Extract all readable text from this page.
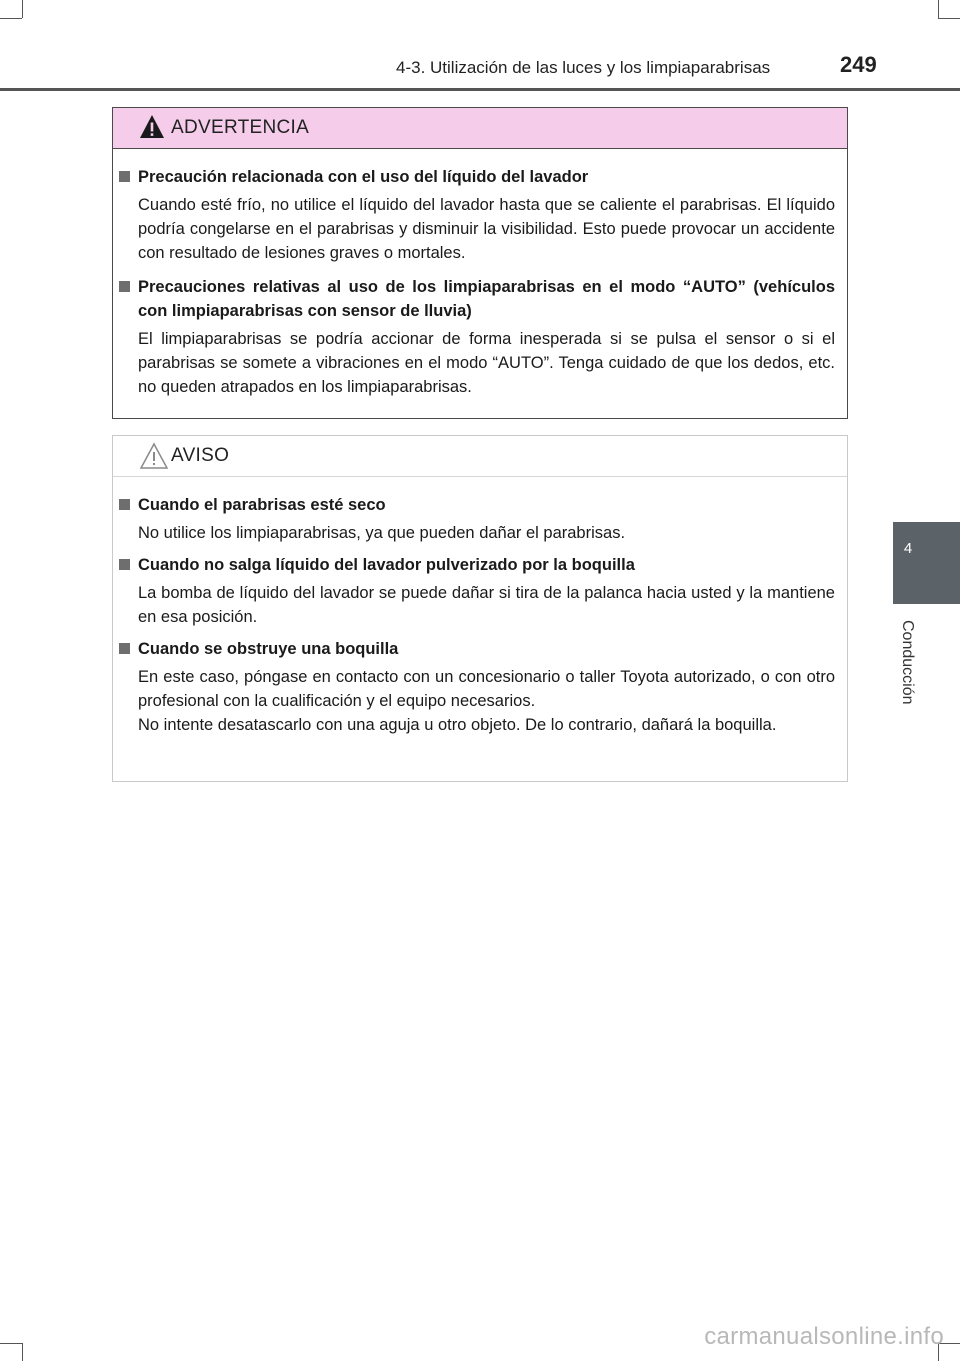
4-3. Utilización de las luces y los limpiaparabrisas	249
4
Conducción
ADVERTENCIA
Precaución relacionada con el uso del líquido del lavador
Cuando esté frío, no utilice el líquido del lavador hasta que se caliente el parabrisas. El líquido podría congelarse en el parabrisas y disminuir la visibilidad. Esto puede provocar un accidente con resultado de lesiones graves o mortales.
Precauciones relativas al uso de los limpiaparabrisas en el modo “AUTO” (vehículos con limpiaparabrisas con sensor de lluvia)
El limpiaparabrisas se podría accionar de forma inesperada si se pulsa el sensor o si el parabrisas se somete a vibraciones en el modo “AUTO”. Tenga cuidado de que los dedos, etc. no queden atrapados en los limpiaparabrisas.
AVISO
Cuando el parabrisas esté seco
No utilice los limpiaparabrisas, ya que pueden dañar el parabrisas.
Cuando no salga líquido del lavador pulverizado por la boquilla
La bomba de líquido del lavador se puede dañar si tira de la palanca hacia usted y la mantiene en esa posición.
Cuando se obstruye una boquilla
En este caso, póngase en contacto con un concesionario o taller Toyota autorizado, o con otro profesional con la cualificación y el equipo necesarios.
No intente desatascarlo con una aguja u otro objeto. De lo contrario, dañará la boquilla.
carmanualsonline.info
